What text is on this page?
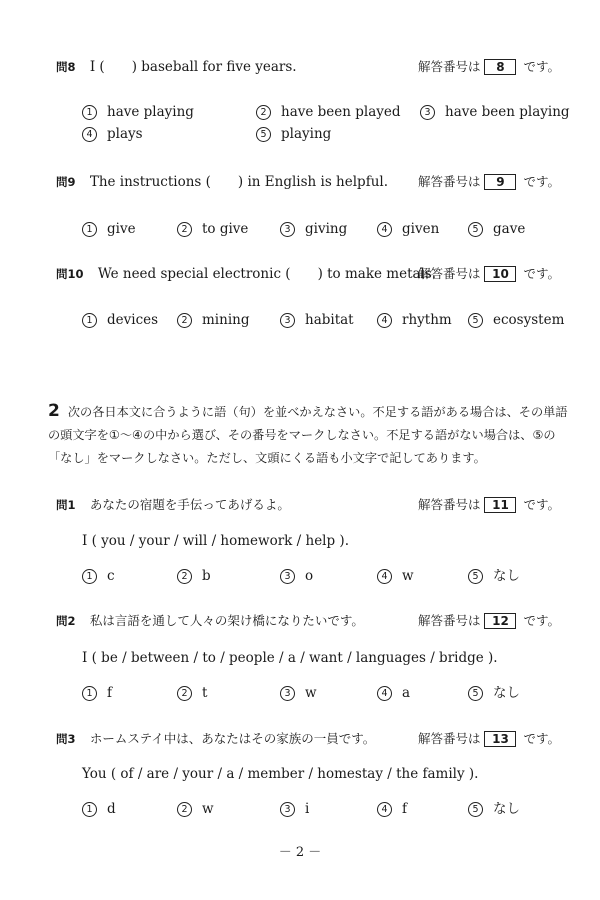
問8 I (　　) baseball for five years.	解答番号は	8	です。
1 have playing	2 have been played	3 have been playing
4 plays	5 playing
問9 The instructions (　　) in English is helpful. 解答番号は	9	です。
1 give	2 to give	3 giving	4 given	5 gave
問10 We need special electronic (　　) to make metals.
解答番号は 10	です。
1 devices	2 mining	3 habitat	4 rhythm	5 ecosystem
2 次の各日本文に合うように語（句）を並べかえなさい。不足する語がある場合は、その単語の頭文字を①～④の中から選び、その番号をマークしなさい。不足する語がない場合は、⑤の「なし」をマークしなさい。ただし、文頭にくる語も小文字で記してあります。
問1 あなたの宿題を手伝ってあげるよ。	解答番号は 11	です。
I ( you / your / will / homework / help ).
1 c	2 b	3 o	4 w	5 なし
問2 私は言語を通して人々の架け橋になりたいです。	解答番号は 12	です。
I ( be / between / to / people / a / want / languages / bridge ).
1 f	2 t	3 w	4 a	5 なし
問3 ホームステイ中は、あなたはその家族の一員です。	解答番号は 13	です。
You ( of / are / your / a / member / homestay / the family ).
1 d	2 w	3 i	4 f	5 なし
－ 2 －
